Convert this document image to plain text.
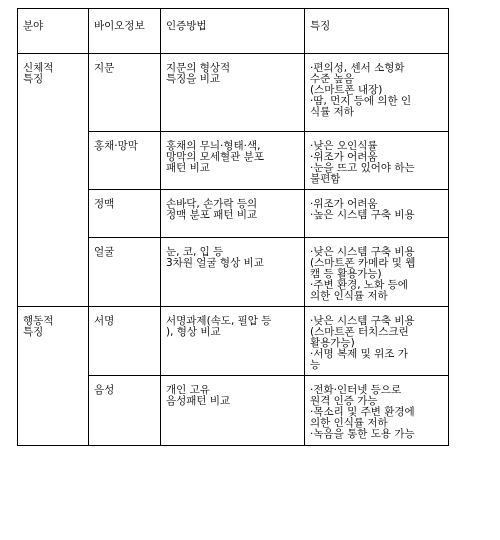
분야	바이오정보	인증방법	특징

신체적
특징	지문	지문의 형상적
특징을 비교	·편의성, 센서 소형화
수준 높음
(스마트폰 내장)
·땀, 먼지 등에 의한 인
식률 저하

	홍채·망막	홍채의 무늬·형태·색,
망막의 모세혈관 분포
패턴 비교	·낮은 오인식률
·위조가 어려움
·눈을 뜨고 있어야 하는
불편함

	정맥	손바닥, 손가락 등의
정맥 분포 패턴 비교	·위조가 어려움
·높은 시스템 구축 비용

	얼굴	눈, 코, 입 등
3차원 얼굴 형상 비교	·낮은 시스템 구축 비용
(스마트폰 카메라 및 웹
캠 등 활용가능)
·주변 환경, 노화 등에
의한 인식률 저하

행동적
특징	서명	서명과제(속도, 필압 등
), 형상 비교	·낮은 시스템 구축 비용
(스마트폰 터치스크린
활용가능)
·서명 복제 및 위조 가
능

	음성	개인 고유
음성패턴 비교	·전화·인터넷 등으로
원격 인증 가능
·목소리 및 주변 환경에
의한 인식률 저하
·녹음을 통한 도용 가능
